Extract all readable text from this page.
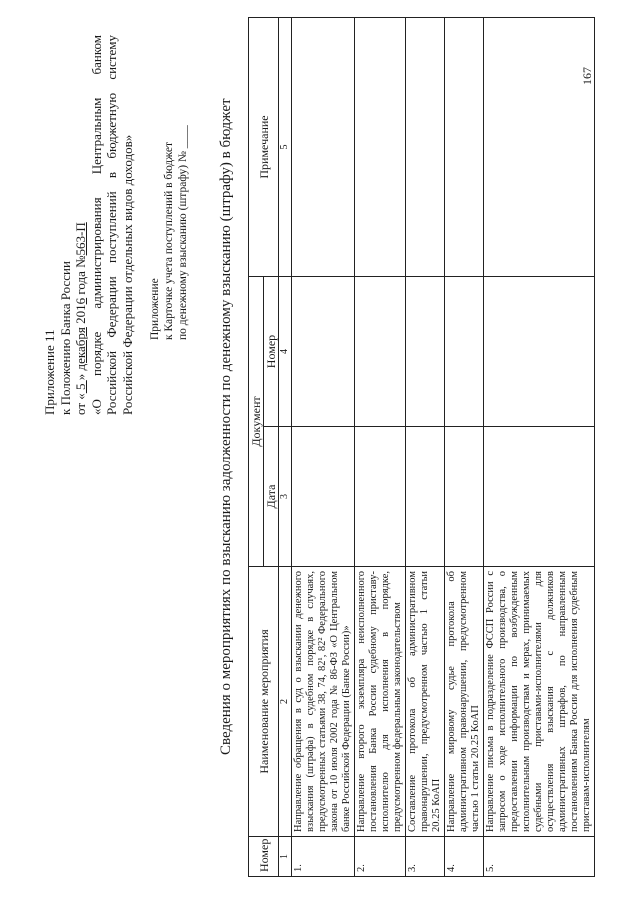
167
Приложение 11 к Положению Банка России от « 5 » декабря 2016 года №563-П «О порядке администрирования Центральным банком Российской Федерации поступлений в бюджетную систему Российской Федерации отдельных видов доходов» Приложение к Карточке учета поступлений в бюджет по денежному взысканию (штрафу) № ____ Сведения о мероприятиях по взысканию задолженности по денежному взысканию (штрафу) в бюджет
Номер	Наименование мероприятия	Документ		Примечание
		Дата	Номер	
1	2	3	4	5
1.	Направление обращения в суд о взыскании денежного взыскания (штрафа) в судебном порядке в случаях, предусмотренных статьями 38, 74, 82¹, 82² Федерального закона от 10 июля 2002 года № 86-ФЗ «О Центральном банке Российской Федерации (Банке России)»			
2.	Направление второго экземпляра неисполненного постановления Банка России судебному приставу-исполнителю для исполнения в порядке, предусмотренном федеральным законодательством			
3.	Составление протокола об административном правонарушении, предусмотренном частью 1 статьи 20.25 КоАП			
4.	Направление мировому судье протокола об административном правонарушении, предусмотренном частью 1 статьи 20.25 КоАП			
5.	Направление письма в подразделение ФССП России с запросом о ходе исполнительного производства, о предоставлении информации по возбужденным исполнительным производствам и мерах, принимаемых судебными приставами-исполнителями для осуществления взыскания с должников административных штрафов, по направленным постановлениям Банка России для исполнения судебным приставам-исполнителям			
